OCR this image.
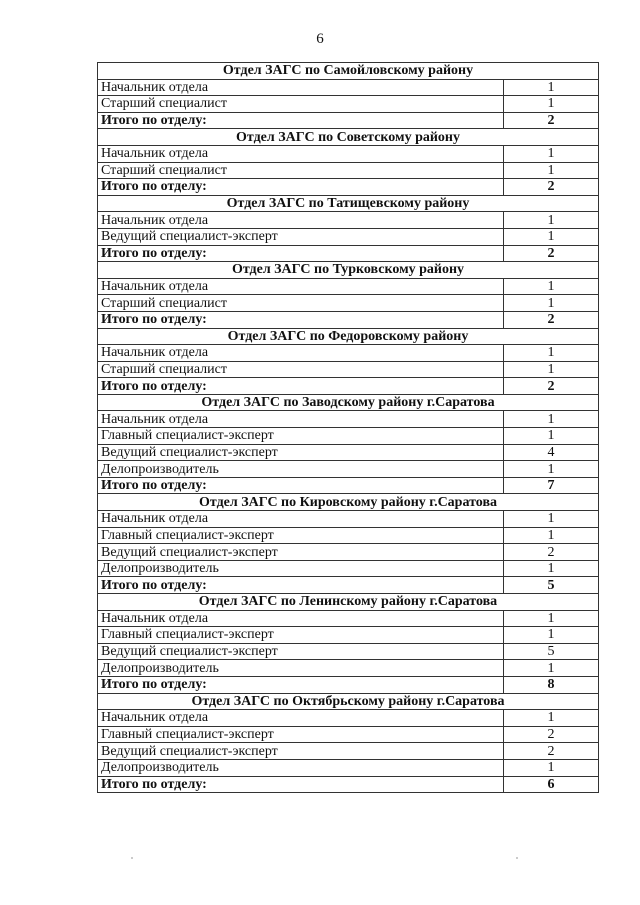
6
Отдел ЗАГС по Самойловскому району	
Начальник отдела	1
Старший специалист	1
Итого по отделу:	2
Отдел ЗАГС по Советскому району	
Начальник отдела	1
Старший специалист	1
Итого по отделу:	2
Отдел ЗАГС по Татищевскому району	
Начальник отдела	1
Ведущий специалист-эксперт	1
Итого по отделу:	2
Отдел ЗАГС по Турковскому району	
Начальник отдела	1
Старший специалист	1
Итого по отделу:	2
Отдел ЗАГС по Федоровскому району	
Начальник отдела	1
Старший специалист	1
Итого по отделу:	2
Отдел ЗАГС по Заводскому району г.Саратова	
Начальник отдела	1
Главный специалист-эксперт	1
Ведущий специалист-эксперт	4
Делопроизводитель	1
Итого по отделу:	7
Отдел ЗАГС по Кировскому району г.Саратова	
Начальник отдела	1
Главный специалист-эксперт	1
Ведущий специалист-эксперт	2
Делопроизводитель	1
Итого по отделу:	5
Отдел ЗАГС по Ленинскому району г.Саратова	
Начальник отдела	1
Главный специалист-эксперт	1
Ведущий специалист-эксперт	5
Делопроизводитель	1
Итого по отделу:	8
Отдел ЗАГС по Октябрьскому району г.Саратова	
Начальник отдела	1
Главный специалист-эксперт	2
Ведущий специалист-эксперт	2
Делопроизводитель	1
Итого по отделу:	6
